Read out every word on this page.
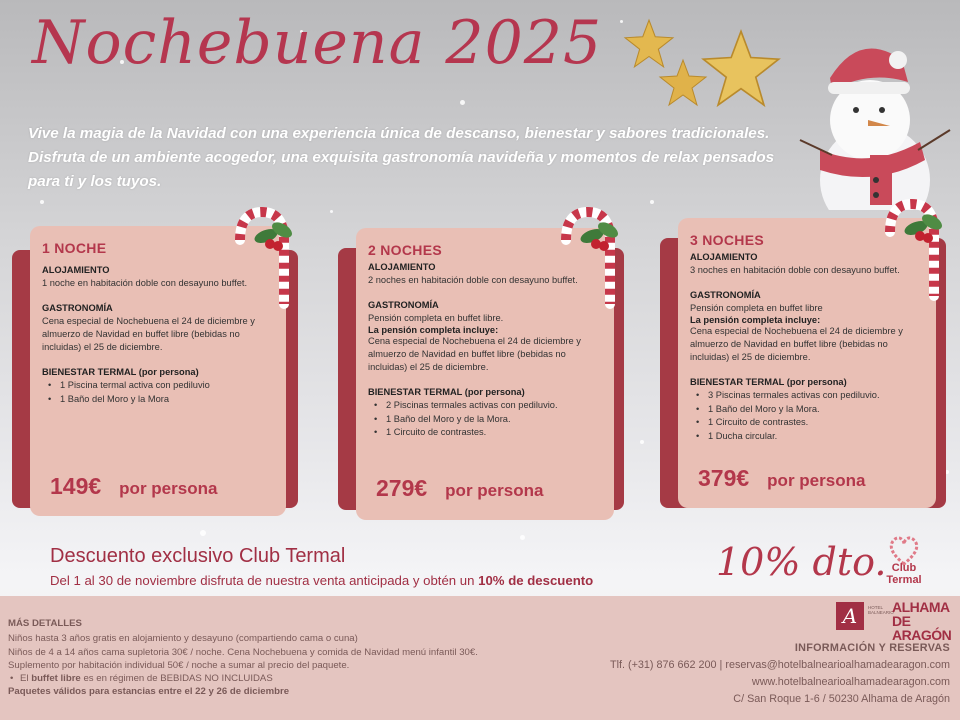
Nochebuena 2025
Vive la magia de la Navidad con una experiencia única de descanso, bienestar y sabores tradicionales. Disfruta de un ambiente acogedor, una exquisita gastronomía navideña y momentos de relax pensados para ti y los tuyos.
1 NOCHE
ALOJAMIENTO
1 noche en habitación doble con desayuno buffet.
GASTRONOMÍA
Cena especial de Nochebuena el 24 de diciembre y almuerzo de Navidad en buffet libre (bebidas no incluidas) el 25 de diciembre.
BIENESTAR TERMAL (por persona)
• 1 Piscina termal activa con pediluvio
• 1 Baño del Moro y la Mora
149€ por persona
2 NOCHES
ALOJAMIENTO
2 noches en habitación doble con desayuno buffet.
GASTRONOMÍA
Pensión completa en buffet libre.
La pensión completa incluye:
Cena especial de Nochebuena el 24 de diciembre y almuerzo de Navidad en buffet libre (bebidas no incluidas) el 25 de diciembre.
BIENESTAR TERMAL (por persona)
• 2 Piscinas termales activas con pediluvio.
• 1 Baño del Moro y de la Mora.
• 1 Circuito de contrastes.
279€ por persona
3 NOCHES
ALOJAMIENTO
3 noches en habitación doble con desayuno buffet.
GASTRONOMÍA
Pensión completa en buffet libre
La pensión completa incluye:
Cena especial de Nochebuena el 24 de diciembre y almuerzo de Navidad en buffet libre (bebidas no incluidas) el 25 de diciembre.
BIENESTAR TERMAL (por persona)
• 3 Piscinas termales activas con pediluvio.
• 1 Baño del Moro y la Mora.
• 1 Circuito de contrastes.
• 1 Ducha circular.
379€ por persona
Descuento exclusivo Club Termal
Del 1 al 30 de noviembre disfruta de nuestra venta anticipada y obtén un 10% de descuento	10% dto. Club
Termal
MÁS DETALLES
Niños hasta 3 años gratis en alojamiento y desayuno (compartiendo cama o cuna)
Niños de 4 a 14 años cama supletoria 30€ / noche. Cena Nochebuena y comida de Navidad menú infantil 30€.
Suplemento por habitación individual 50€ / noche a sumar al precio del paquete.
• El buffet libre es en régimen de BEBIDAS NO INCLUIDAS
Paquetes válidos para estancias entre el 22 y 26 de diciembre
A	HOTEL BALNEARIO
ALHAMA
DE ARAGÓN
INFORMACIÓN Y RESERVAS
Tlf. (+31) 876 662 200 | reservas@hotelbalnearioalhamadearagon.com
www.hotelbalnearioalhamadearagon.com
C/ San Roque 1-6 / 50230 Alhama de Aragón
